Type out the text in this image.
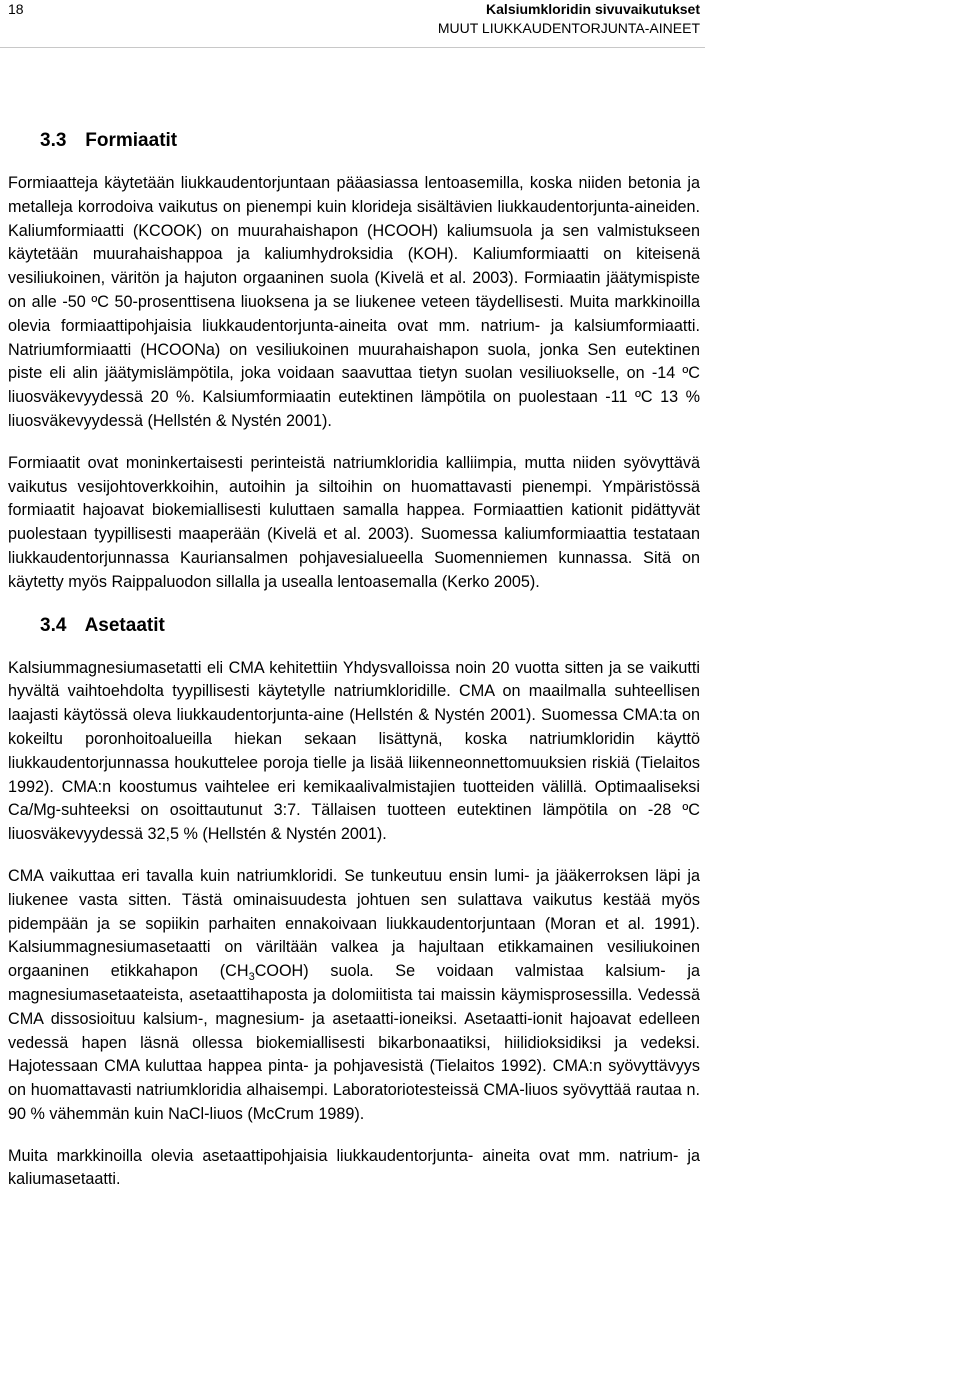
18	Kalsiumkloridin sivuvaikutukset
MUUT LIUKKAUDENTORJUNTA-AINEET
3.3 Formiaatit

Formiaatteja käytetään liukkaudentorjuntaan pääasiassa lentoasemilla, koska niiden betonia ja metalleja korrodoiva vaikutus on pienempi kuin klorideja sisältävien liukkaudentorjunta-aineiden. Kaliumformiaatti (KCOOK) on muurahaishapon (HCOOH) kaliumsuola ja sen valmistukseen käytetään muurahaishappoa ja kaliumhydroksidia (KOH). Kaliumformiaatti on kiteisenä vesiliukoinen, väritön ja hajuton orgaaninen suola (Kivelä et al. 2003). Formiaatin jäätymispiste on alle -50 ºC 50-prosenttisena liuoksena ja se liukenee veteen täydellisesti. Muita markkinoilla olevia formiaattipohjaisia liukkaudentorjunta-aineita ovat mm. natrium- ja kalsiumformiaatti. Natriumformiaatti (HCOONa) on vesiliukoinen muurahaishapon suola, jonka Sen eutektinen piste eli alin jäätymislämpötila, joka voidaan saavuttaa tietyn suolan vesiliuokselle, on -14 ºC liuosväkevyydessä 20 %. Kalsiumformiaatin eutektinen lämpötila on puolestaan -11 ºC 13 % liuosväkevyydessä (Hellstén & Nystén 2001).

Formiaatit ovat moninkertaisesti perinteistä natriumkloridia kalliimpia, mutta niiden syövyttävä vaikutus vesijohtoverkkoihin, autoihin ja siltoihin on huomattavasti pienempi. Ympäristössä formiaatit hajoavat biokemiallisesti kuluttaen samalla happea. Formiaattien kationit pidättyvät puolestaan tyypillisesti maaperään (Kivelä et al. 2003). Suomessa kaliumformiaattia testataan liukkaudentorjunnassa Kauriansalmen pohjavesialueella Suomenniemen kunnassa. Sitä on käytetty myös Raippaluodon sillalla ja usealla lentoasemalla (Kerko 2005).

3.4 Asetaatit

Kalsiummagnesiumasetatti eli CMA kehitettiin Yhdysvalloissa noin 20 vuotta sitten ja se vaikutti hyvältä vaihtoehdolta tyypillisesti käytetylle natriumkloridille. CMA on maailmalla suhteellisen laajasti käytössä oleva liukkaudentorjunta-aine (Hellstén & Nystén 2001). Suomessa CMA:ta on kokeiltu poronhoitoalueilla hiekan sekaan lisättynä, koska natriumkloridin käyttö liukkaudentorjunnassa houkuttelee poroja tielle ja lisää liikenneonnettomuuksien riskiä (Tielaitos 1992). CMA:n koostumus vaihtelee eri kemikaalivalmistajien tuotteiden välillä. Optimaaliseksi Ca/Mg-suhteeksi on osoittautunut 3:7. Tällaisen tuotteen eutektinen lämpötila on -28 ºC liuosväkevyydessä 32,5 % (Hellstén & Nystén 2001).

CMA vaikuttaa eri tavalla kuin natriumkloridi. Se tunkeutuu ensin lumi- ja jääkerroksen läpi ja liukenee vasta sitten. Tästä ominaisuudesta johtuen sen sulattava vaikutus kestää myös pidempään ja se sopiikin parhaiten ennakoivaan liukkaudentorjuntaan (Moran et al. 1991). Kalsiummagnesiumasetaatti on väriltään valkea ja hajultaan etikkamainen vesiliukoinen orgaaninen etikkahapon $(CH_3COOH)$ suola. Se voidaan valmistaa kalsium- ja magnesiumasetaateista, asetaattihaposta ja dolomiitista tai maissin käymisprosessilla. Vedessä CMA dissosioituu kalsium-, magnesium- ja asetaatti-ioneiksi. Asetaatti-ionit hajoavat edelleen vedessä hapen läsnä ollessa biokemiallisesti bikarbonaatiksi, hiilidioksidiksi ja vedeksi. Hajotessaan CMA kuluttaa happea pinta- ja pohjavesistä (Tielaitos 1992). CMA:n syövyttävyys on huomattavasti natriumkloridia alhaisempi. Laboratoriotesteissä CMA-liuos syövyttää rautaa n. 90 % vähemmän kuin NaCl-liuos (McCrum 1989).

Muita markkinoilla olevia asetaattipohjaisia liukkaudentorjunta- aineita ovat mm. natrium- ja kaliumasetaatti.
